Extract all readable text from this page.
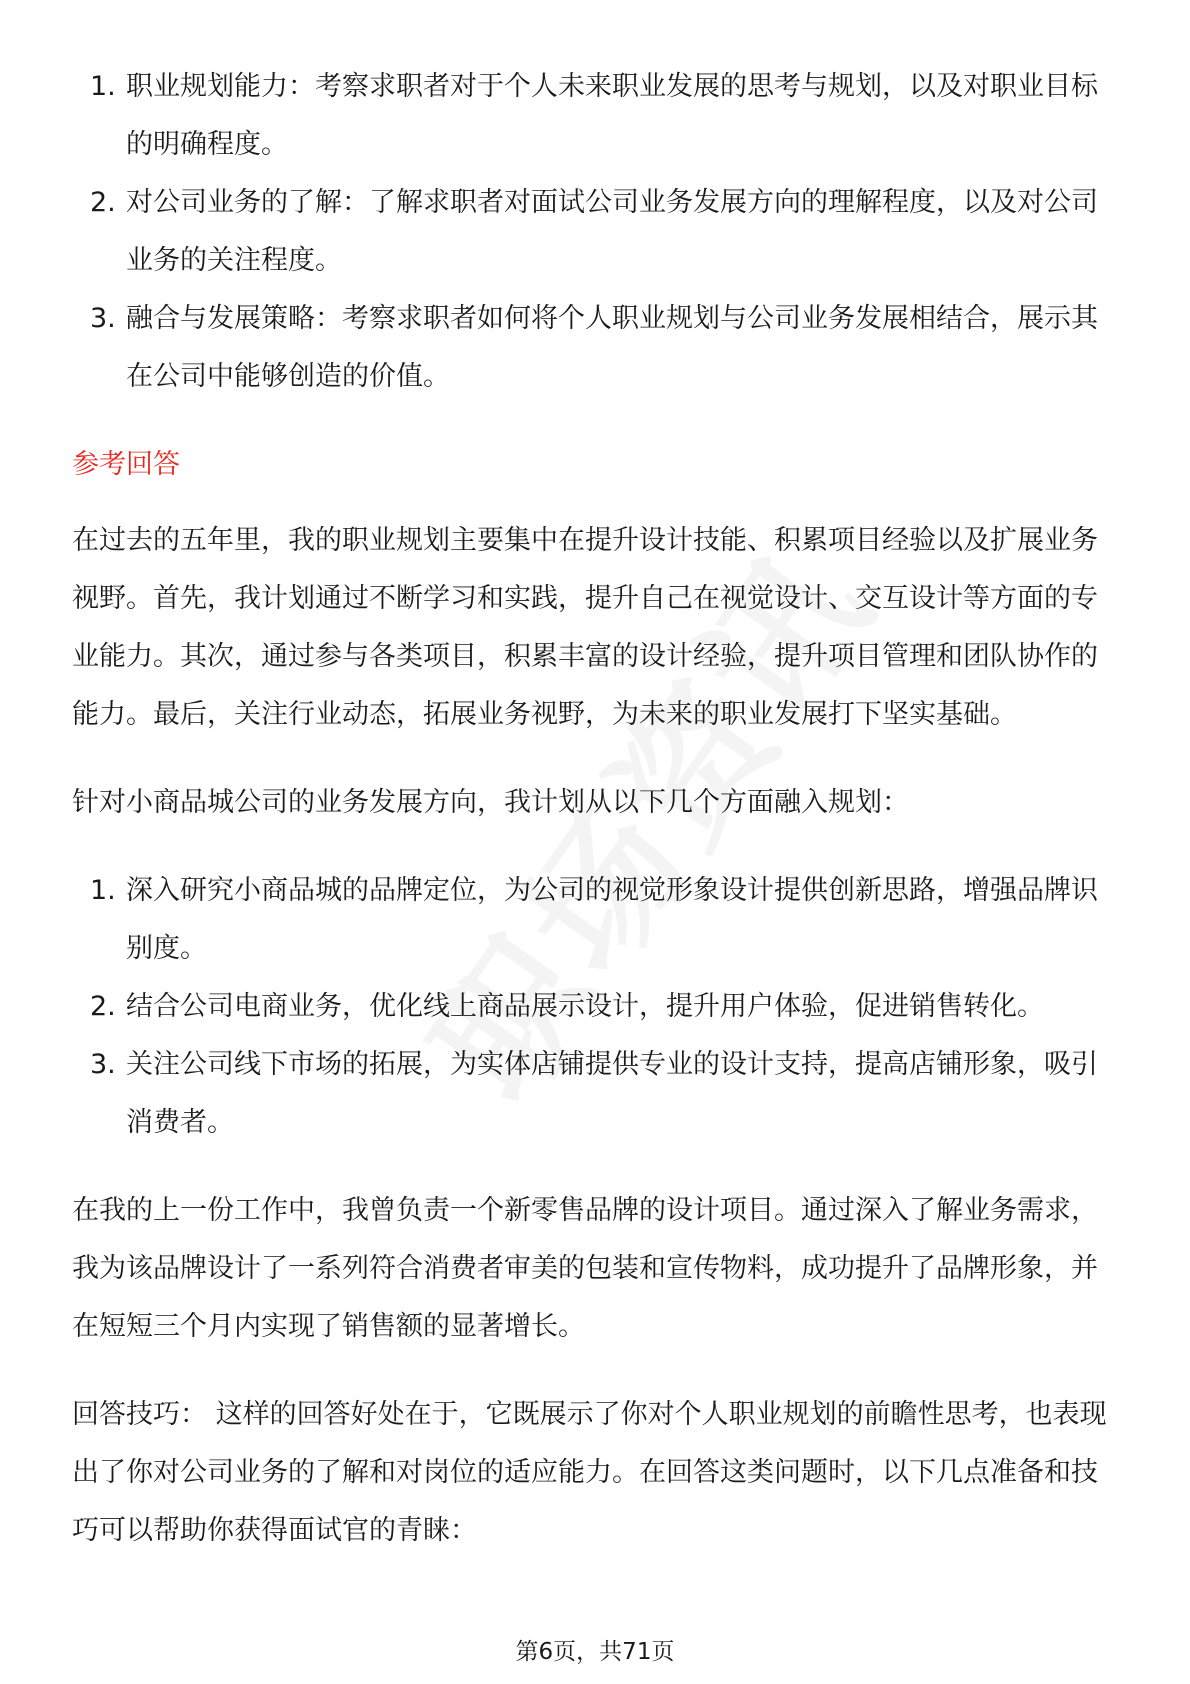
1. 职业规划能力：考察求职者对于个人未来职业发展的思考与规划，以及对职业目标的明确程度。
2. 对公司业务的了解：了解求职者对面试公司业务发展方向的理解程度，以及对公司业务的关注程度。
3. 融合与发展策略：考察求职者如何将个人职业规划与公司业务发展相结合，展示其在公司中能够创造的价值。
参考回答

在过去的五年里，我的职业规划主要集中在提升设计技能、积累项目经验以及扩展业务视野。首先，我计划通过不断学习和实践，提升自己在视觉设计、交互设计等方面的专业能力。其次，通过参与各类项目，积累丰富的设计经验，提升项目管理和团队协作的能力。最后，关注行业动态，拓展业务视野，为未来的职业发展打下坚实基础。

针对小商品城公司的业务发展方向，我计划从以下几个方面融入规划：

1. 深入研究小商品城的品牌定位，为公司的视觉形象设计提供创新思路，增强品牌识别度。
2. 结合公司电商业务，优化线上商品展示设计，提升用户体验，促进销售转化。
3. 关注公司线下市场的拓展，为实体店铺提供专业的设计支持，提高店铺形象，吸引消费者。

在我的上一份工作中，我曾负责一个新零售品牌的设计项目。通过深入了解业务需求，我为该品牌设计了一系列符合消费者审美的包装和宣传物料，成功提升了品牌形象，并在短短三个月内实现了销售额的显著增长。

回答技巧： 这样的回答好处在于，它既展示了你对个人职业规划的前瞻性思考，也表现出了你对公司业务的了解和对岗位的适应能力。在回答这类问题时，以下几点准备和技巧可以帮助你获得面试官的青睐：

第6页，共71页
